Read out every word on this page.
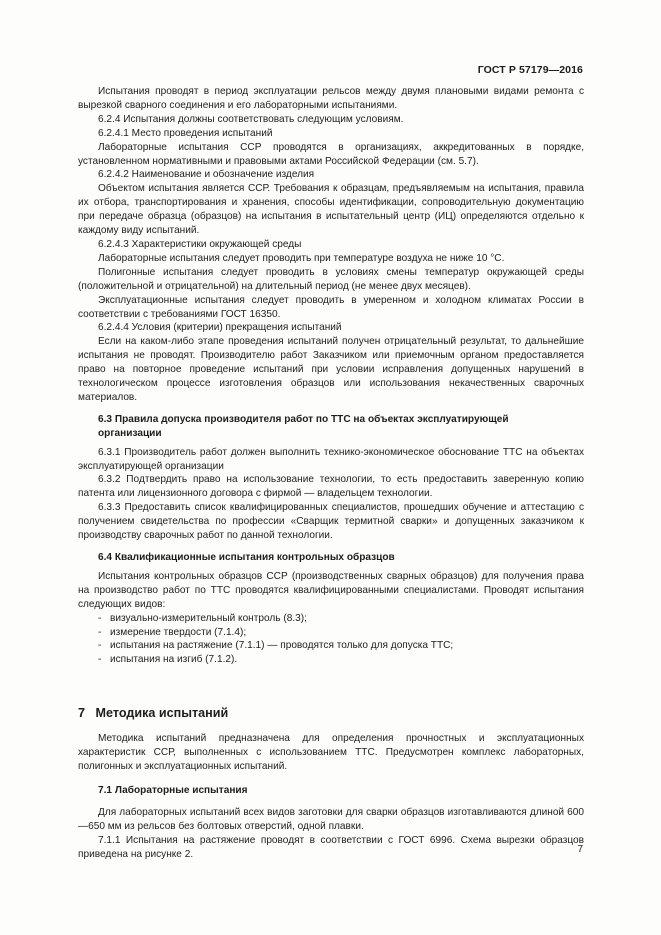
ГОСТ Р 57179—2016

Испытания проводят в период эксплуатации рельсов между двумя плановыми видами ремонта с вырезкой сварного соединения и его лабораторными испытаниями.

6.2.4 Испытания должны соответствовать следующим условиям.

6.2.4.1 Место проведения испытаний

Лабораторные испытания ССР проводятся в организациях, аккредитованных в порядке, установленном нормативными и правовыми актами Российской Федерации (см. 5.7).

6.2.4.2 Наименование и обозначение изделия

Объектом испытания является ССР. Требования к образцам, предъявляемым на испытания, правила их отбора, транспортирования и хранения, способы идентификации, сопроводительную документацию при передаче образца (образцов) на испытания в испытательный центр (ИЦ) определяются отдельно к каждому виду испытаний.

6.2.4.3 Характеристики окружающей среды

Лабораторные испытания следует проводить при температуре воздуха не ниже 10 °С.

Полигонные испытания следует проводить в условиях смены температур окружающей среды (положительной и отрицательной) на длительный период (не менее двух месяцев).

Эксплуатационные испытания следует проводить в умеренном и холодном климатах России в соответствии с требованиями ГОСТ 16350.

6.2.4.4 Условия (критерии) прекращения испытаний

Если на каком-либо этапе проведения испытаний получен отрицательный результат, то дальнейшие испытания не проводят. Производителю работ Заказчиком или приемочным органом предоставляется право на повторное проведение испытаний при условии исправления допущенных нарушений в технологическом процессе изготовления образцов или использования некачественных сварочных материалов.

6.3 Правила допуска производителя работ по ТТС на объектах эксплуатирующей
организации

6.3.1 Производитель работ должен выполнить технико-экономическое обоснование ТТС на объектах эксплуатирующей организации

6.3.2 Подтвердить право на использование технологии, то есть предоставить заверенную копию патента или лицензионного договора с фирмой — владельцем технологии.

6.3.3 Предоставить список квалифицированных специалистов, прошедших обучение и аттестацию с получением свидетельства по профессии «Сварщик термитной сварки» и допущенных заказчиком к производству сварочных работ по данной технологии.

6.4 Квалификационные испытания контрольных образцов

Испытания контрольных образцов ССР (производственных сварных образцов) для получения права на производство работ по ТТС проводятся квалифицированными специалистами. Проводят испытания следующих видов:

- визуально-измерительный контроль (8.3);
- измерение твердости (7.1.4);
- испытания на растяжение (7.1.1) — проводятся только для допуска ТТС;
- испытания на изгиб (7.1.2).
7 Методика испытаний

Методика испытаний предназначена для определения прочностных и эксплуатационных характеристик ССР, выполненных с использованием ТТС. Предусмотрен комплекс лабораторных, полигонных и эксплуатационных испытаний.

7.1 Лабораторные испытания

Для лабораторных испытаний всех видов заготовки для сварки образцов изготавливаются длиной 600—650 мм из рельсов без болтовых отверстий, одной плавки.

7.1.1 Испытания на растяжение проводят в соответствии с ГОСТ 6996. Схема вырезки образцов приведена на рисунке 2.	7
